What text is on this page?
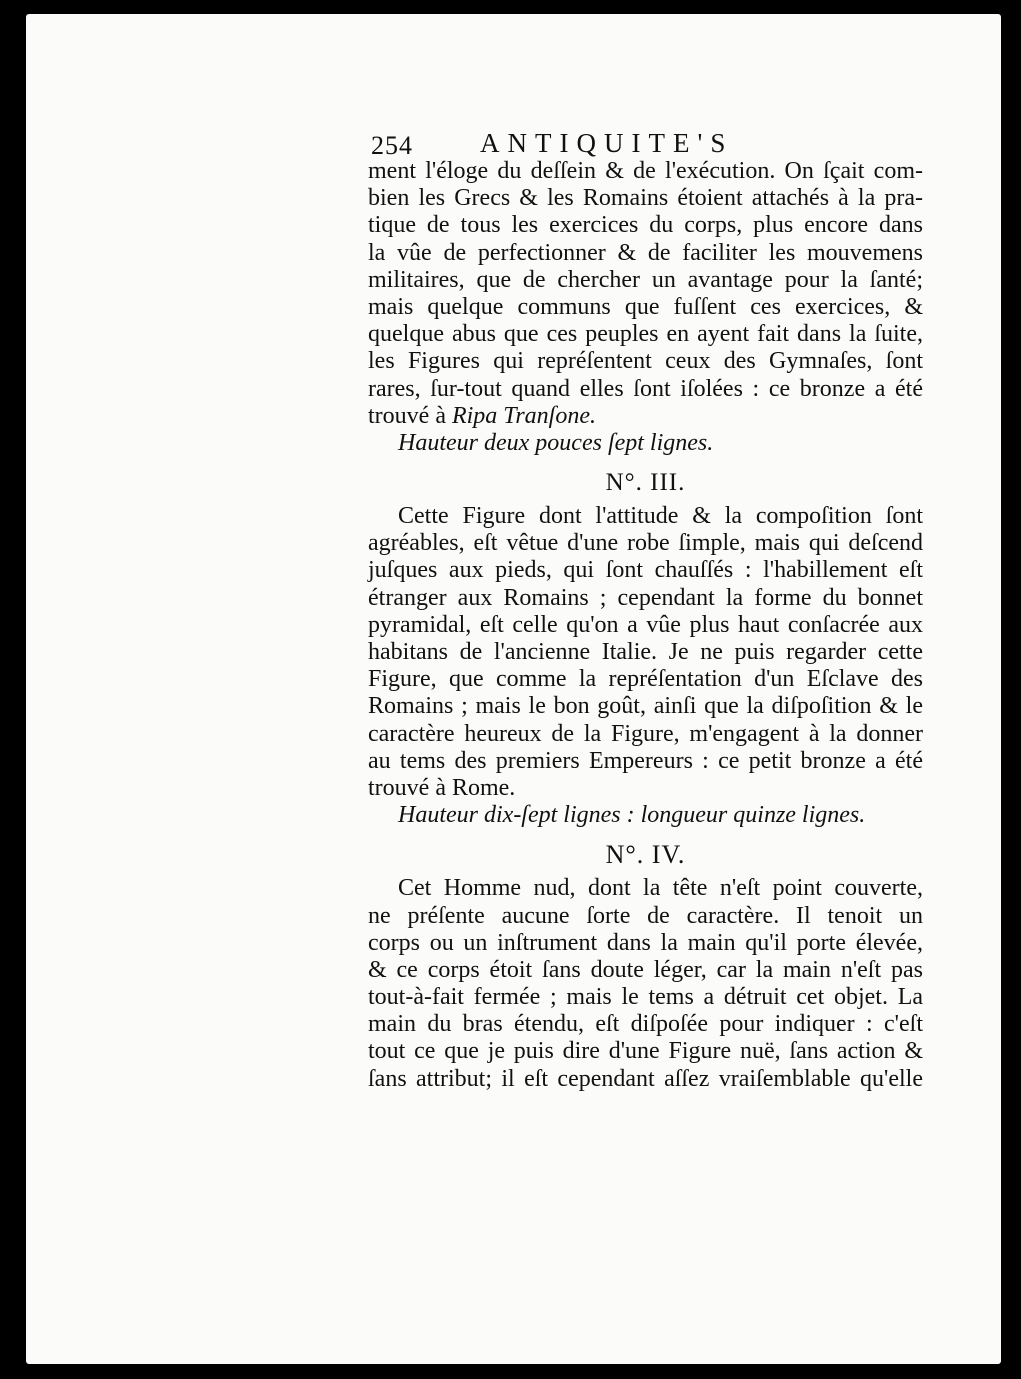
254 ANTIQUITE'S

ment l'éloge du deſſein & de l'exécution. On ſçait com-

bien les Grecs & les Romains étoient attachés à la pra-

tique de tous les exercices du corps, plus encore dans

la vûe de perfectionner & de faciliter les mouvemens

militaires, que de chercher un avantage pour la ſanté;

mais quelque communs que fuſſent ces exercices, &

quelque abus que ces peuples en ayent fait dans la ſuite,

les Figures qui repréſentent ceux des Gymnaſes, ſont

rares, ſur-tout quand elles ſont iſolées : ce bronze a été

trouvé à Ripa Tranſone.

Hauteur deux pouces ſept lignes.

N°. III.

Cette Figure dont l'attitude & la compoſition ſont

agréables, eſt vêtue d'une robe ſimple, mais qui deſcend

juſques aux pieds, qui ſont chauſſés : l'habillement eſt

étranger aux Romains ; cependant la forme du bonnet

pyramidal, eſt celle qu'on a vûe plus haut conſacrée aux

habitans de l'ancienne Italie. Je ne puis regarder cette

Figure, que comme la repréſentation d'un Eſclave des

Romains ; mais le bon goût, ainſi que la diſpoſition & le

caractère heureux de la Figure, m'engagent à la donner

au tems des premiers Empereurs : ce petit bronze a été

trouvé à Rome.

Hauteur dix-ſept lignes : longueur quinze lignes.

N°. IV.

Cet Homme nud, dont la tête n'eſt point couverte,

ne préſente aucune ſorte de caractère. Il tenoit un

corps ou un inſtrument dans la main qu'il porte élevée,

& ce corps étoit ſans doute léger, car la main n'eſt pas

tout-à-fait fermée ; mais le tems a détruit cet objet. La

main du bras étendu, eſt diſpoſée pour indiquer : c'eſt

tout ce que je puis dire d'une Figure nuë, ſans action &

ſans attribut; il eſt cependant aſſez vraiſemblable qu'elle
